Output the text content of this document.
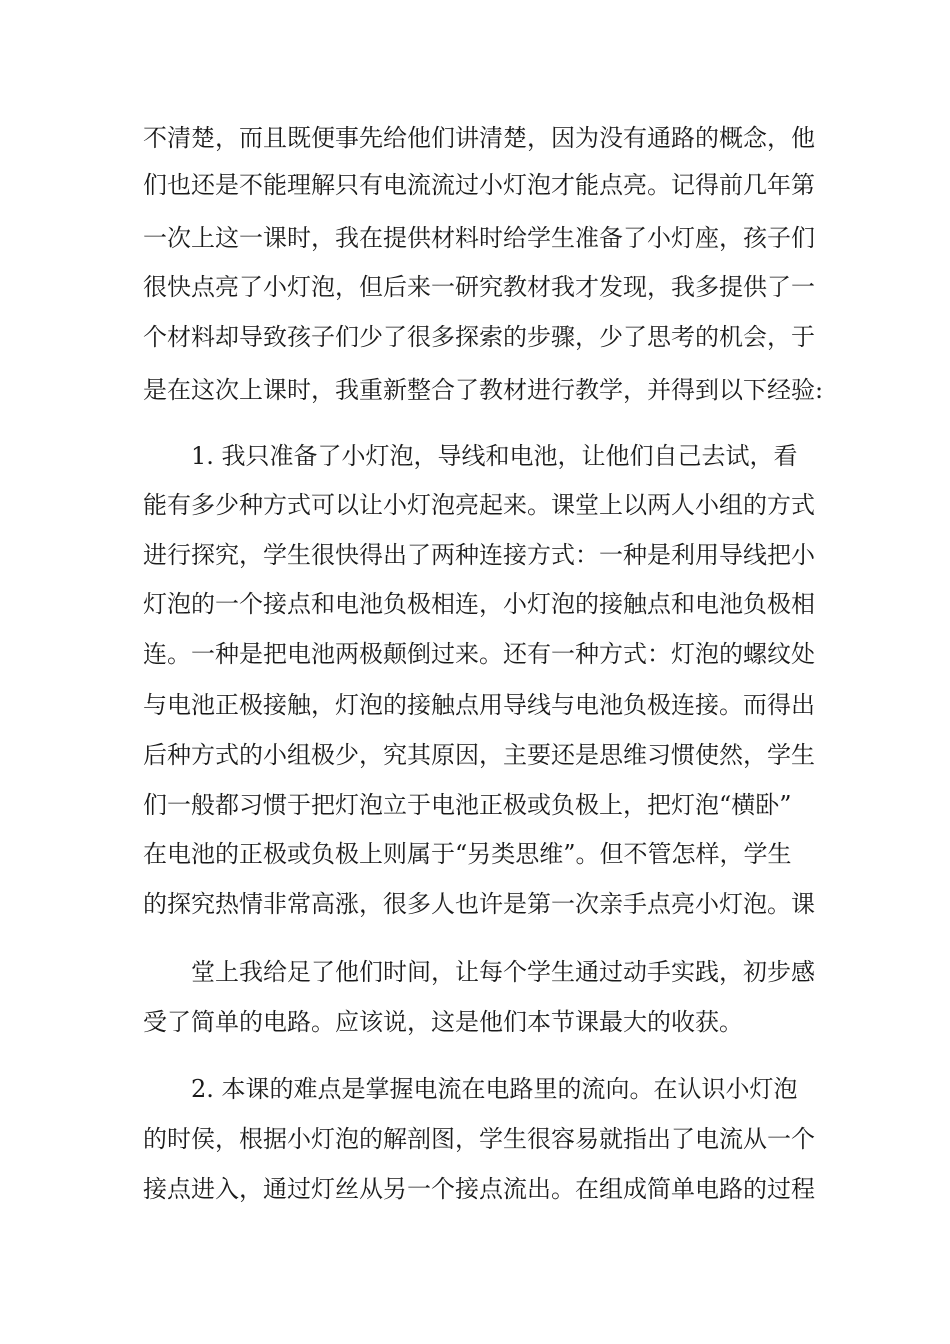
不清楚，而且既便事先给他们讲清楚，因为没有通路的概念，他

们也还是不能理解只有电流流过小灯泡才能点亮。记得前几年第

一次上这一课时，我在提供材料时给学生准备了小灯座，孩子们

很快点亮了小灯泡，但后来一研究教材我才发现，我多提供了一

个材料却导致孩子们少了很多探索的步骤，少了思考的机会，于

是在这次上课时，我重新整合了教材进行教学，并得到以下经验:

1. 我只准备了小灯泡，导线和电池，让他们自己去试，看

能有多少种方式可以让小灯泡亮起来。课堂上以两人小组的方式

进行探究，学生很快得出了两种连接方式：一种是利用导线把小

灯泡的一个接点和电池负极相连，小灯泡的接触点和电池负极相

连。一种是把电池两极颠倒过来。还有一种方式：灯泡的螺纹处

与电池正极接触，灯泡的接触点用导线与电池负极连接。而得出

后种方式的小组极少，究其原因，主要还是思维习惯使然，学生

们一般都习惯于把灯泡立于电池正极或负极上，把灯泡“横卧”

在电池的正极或负极上则属于“另类思维”。但不管怎样，学生

的探究热情非常高涨，很多人也许是第一次亲手点亮小灯泡。课

堂上我给足了他们时间，让每个学生通过动手实践，初步感

受了简单的电路。应该说，这是他们本节课最大的收获。

2. 本课的难点是掌握电流在电路里的流向。在认识小灯泡

的时侯，根据小灯泡的解剖图，学生很容易就指出了电流从一个

接点进入，通过灯丝从另一个接点流出。在组成简单电路的过程
